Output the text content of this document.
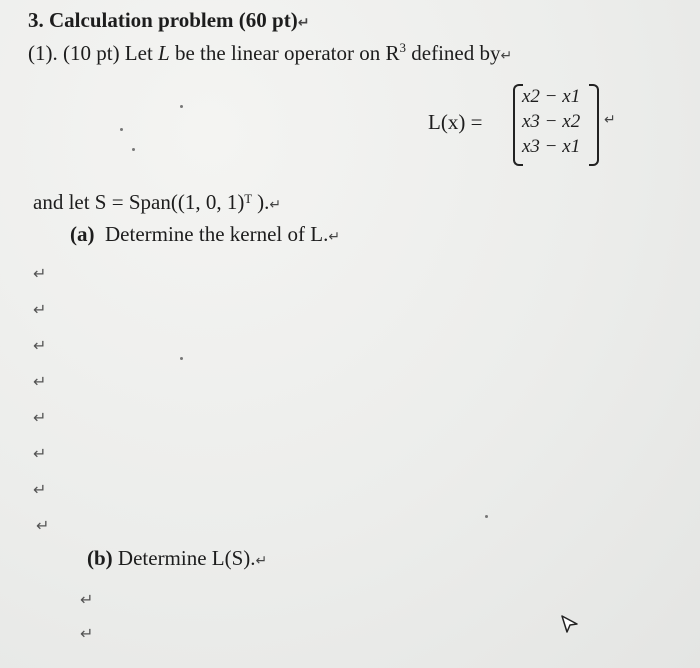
3. Calculation problem (60 pt)↵
(1). (10 pt) Let L be the linear operator on $R^3$ defined by↵
L(x) =
x2 − x1
x3 − x2
x3 − x1
↵
and let S = Span((1, 0, 1)ᵀ ).↵
(a) Determine the kernel of L.↵
↵
↵
↵
↵
↵
↵
↵
↵
(b) Determine L(S).↵
↵
↵
